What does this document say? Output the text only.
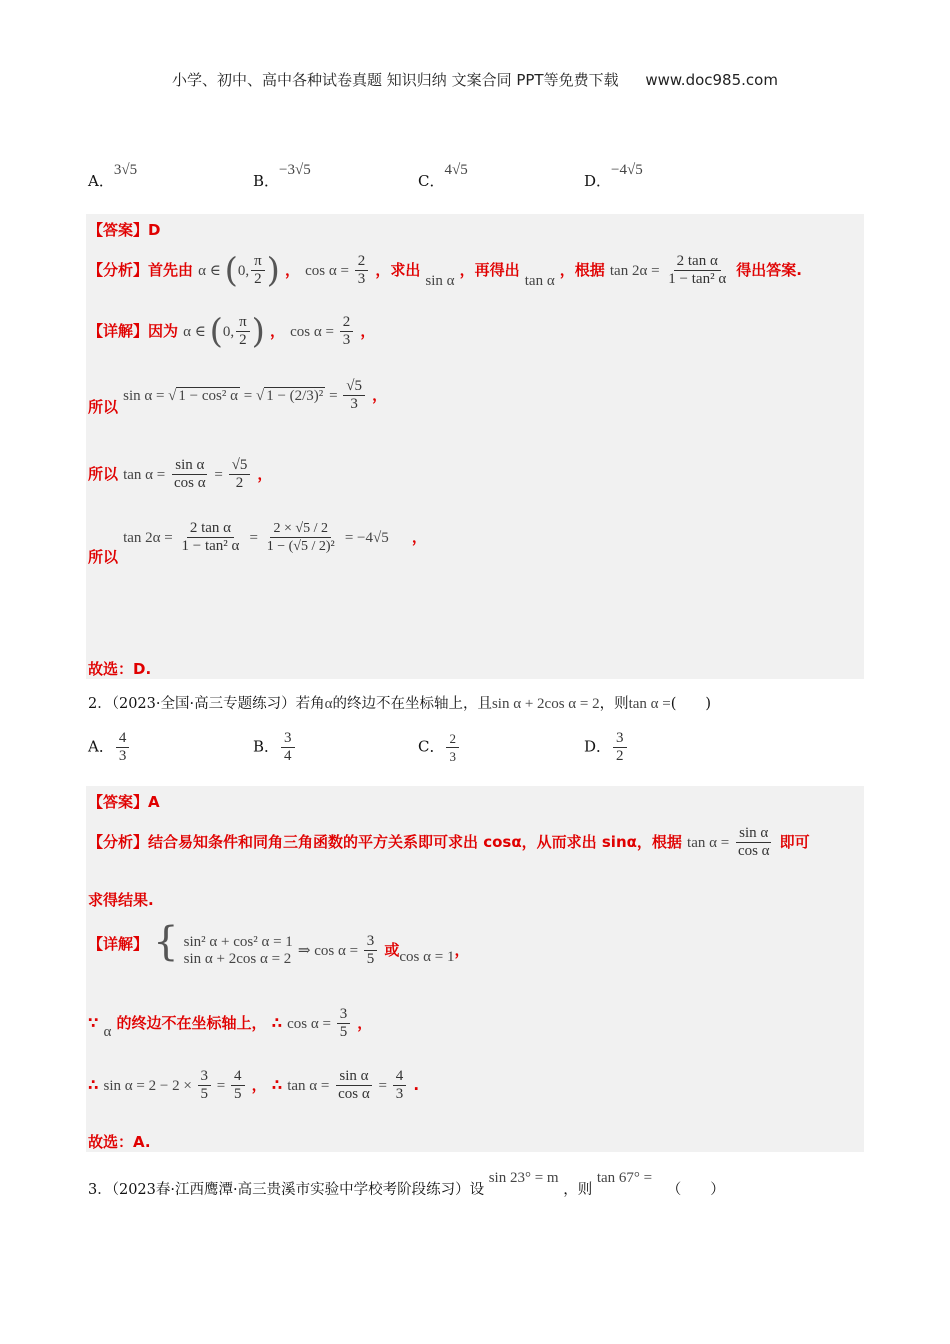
小学、初中、高中各种试卷真题 知识归纳 文案合同 PPT等免费下载 www.doc985.com
A．3√5
B．−3√5
C．4√5
D．−4√5
【答案】D
【分析】首先由 α ∈ (0, $\frac{\pi}{2}$ ) ， $\cos \alpha = \frac{2}{3}$ ，求出 sin α ，再得出 tan α ，根据 $\tan 2\alpha = \frac{\text{2 tan α}}{\text{1 − tan² α}}$ 得出答案.
【详解】因为 α ∈ (0, $\frac{\pi}{2}$ ) ， $\cos \alpha = \frac{2}{3}$ ，
所以 sin α = √ 1 − cos² α = √ $1 - (2/3)^2 = \frac{√5}{3}$ ，
所以 $\tan \alpha = \frac{\text{sin α}}{\text{cos α}} = \frac{√5}{2}$ ，
所以 $\tan 2\alpha = \frac{\text{2 tan α}}{\text{1 − tan² α}} = \frac{2 \times √5 / 2}{\text{1 − (√5 / 2)²}} = -4√5$ ，
故选：D.
2．（2023·全国·高三专题练习）若角α的终边不在坐标轴上，且sin α + 2cos α = 2，则tan α =(　　)
A． $\frac{4}{3}$	B． $\frac{3}{4}$	C． $\frac{2}{3}$	D． $\frac{3}{2}$
【答案】A
【分析】结合易知条件和同角三角函数的平方关系即可求出 cosα，从而求出 sinα，根据 $\tan \alpha = \frac{\text{sin α}}{\text{cos α}}$ 即可
求得结果.
【详解】 { sin² α + cos² α = 1
sin α + 2cos α = 2 ⇒ $\cos \alpha = \frac{3}{5}$ 或cos α = 1，
∵ α 的终边不在坐标轴上， ∴ $\cos \alpha = \frac{3}{5}$ ，
∴ $\sin \alpha = 2 - 2 \times \frac{3}{5} = \frac{4}{5}$ ， ∴ $\tan \alpha = \frac{\text{sin α}}{\text{cos α}} = \frac{4}{3}$ .
故选：A.
3．（2023春·江西鹰潭·高三贵溪市实验中学校考阶段练习）设 sin 23° = m ，则 tan 67° = （　　）
